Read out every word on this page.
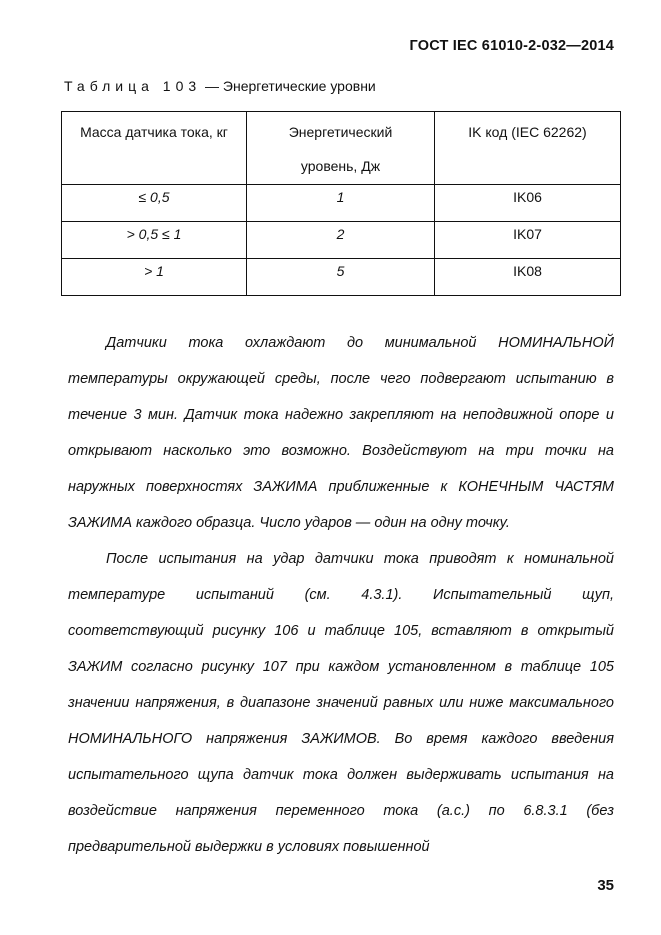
ГОСТ IEC 61010-2-032—2014
Таблица 103 — Энергетические уровни
Масса датчика тока, кг	Энергетический уровень, Дж	IK код (IEC 62262)

≤ 0,5	1	IK06

> 0,5 ≤ 1	2	IK07

> 1	5	IK08

Датчики тока охлаждают до минимальной НОМИНАЛЬНОЙ температуры окружающей среды, после чего подвергают испытанию в течение 3 мин. Датчик тока надежно закрепляют на неподвижной опоре и открывают насколько это возможно. Воздействуют на три точки на наружных поверхностях ЗАЖИМА приближенные к КОНЕЧНЫМ ЧАСТЯМ ЗАЖИМА каждого образца. Число ударов — один на одну точку.

После испытания на удар датчики тока приводят к номинальной температуре испытаний (см. 4.3.1). Испытательный щуп, соответствующий рисунку 106 и таблице 105, вставляют в открытый ЗАЖИМ согласно рисунку 107 при каждом установленном в таблице 105 значении напряжения, в диапазоне значений равных или ниже максимального НОМИНАЛЬНОГО напряжения ЗАЖИМОВ. Во время каждого введения испытательного щупа датчик тока должен выдерживать испытания на воздействие напряжения переменного тока (а.с.) по 6.8.3.1 (без предварительной выдержки в условиях повышенной

35
